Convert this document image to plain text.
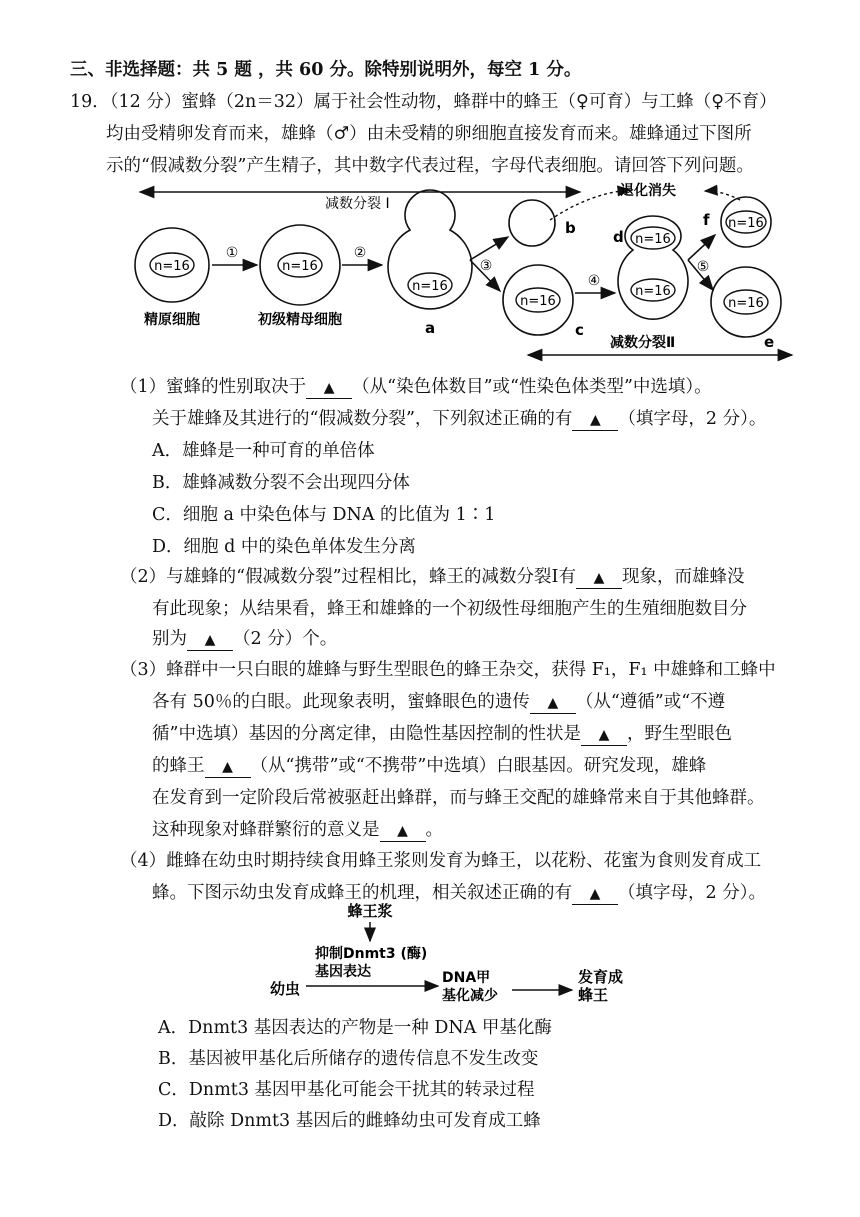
三、非选择题：共 5 题 ，共 60 分。除特别说明外，每空 1 分。
19．（12 分）蜜蜂（2n＝32）属于社会性动物，蜂群中的蜂王（♀可育）与工蜂（♀不育）
均由受精卵发育而来，雄蜂（♂）由未受精的卵细胞直接发育而来。雄蜂通过下图所
示的“假减数分裂”产生精子，其中数字代表过程，字母代表细胞。请回答下列问题。
减数分裂 I
退化消失
n=16
精原细胞
①
n=16
初级精母细胞
②
n=16
a
③
b
n=16
c
④
n=16
n=16
d
⑤
n=16
f
n=16
e
减数分裂Ⅱ
（1）蜜蜂的性别取决于 ▲ （从“染色体数目”或“性染色体类型”中选填）。
关于雄蜂及其进行的“假减数分裂”，下列叙述正确的有 ▲ （填字母，2 分）。
A．雄蜂是一种可育的单倍体
B．雄蜂减数分裂不会出现四分体
C．细胞 a 中染色体与 DNA 的比值为 1∶1
D．细胞 d 中的染色单体发生分离
（2）与雄蜂的“假减数分裂”过程相比，蜂王的减数分裂I有 ▲ 现象，而雄蜂没
有此现象；从结果看，蜂王和雄蜂的一个初级性母细胞产生的生殖细胞数目分
别为 ▲ （2 分）个。
（3）蜂群中一只白眼的雄蜂与野生型眼色的蜂王杂交，获得 F₁，F₁ 中雄蜂和工蜂中
各有 50％的白眼。此现象表明，蜜蜂眼色的遗传 ▲ （从“遵循”或“不遵
循”中选填）基因的分离定律，由隐性基因控制的性状是 ▲ ，野生型眼色
的蜂王 ▲ （从“携带”或“不携带”中选填）白眼基因。研究发现，雄蜂
在发育到一定阶段后常被驱赶出蜂群，而与蜂王交配的雄蜂常来自于其他蜂群。
这种现象对蜂群繁衍的意义是 ▲ 。
（4）雌蜂在幼虫时期持续食用蜂王浆则发育为蜂王，以花粉、花蜜为食则发育成工
蜂。下图示幼虫发育成蜂王的机理，相关叙述正确的有 ▲ （填字母，2 分）。
蜂王浆
抑制Dnmt3 (酶)
基因表达
幼虫
DNA甲
基化减少
发育成
蜂王
A．Dnmt3 基因表达的产物是一种 DNA 甲基化酶
B．基因被甲基化后所储存的遗传信息不发生改变
C．Dnmt3 基因甲基化可能会干扰其的转录过程
D．敲除 Dnmt3 基因后的雌蜂幼虫可发育成工蜂
